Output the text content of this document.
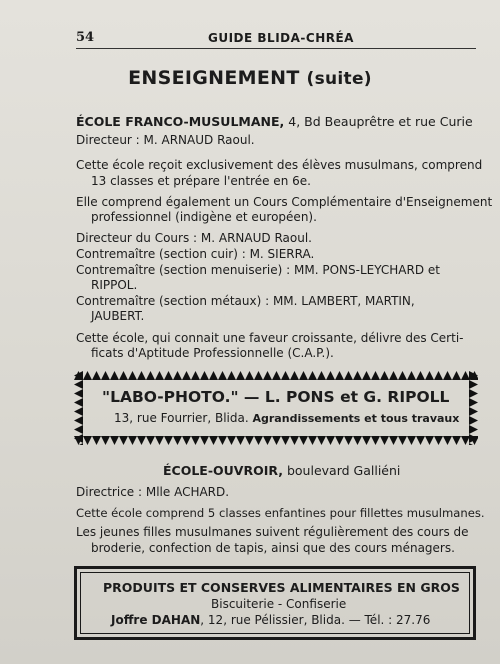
54	GUIDE BLIDA-CHRÉA
ENSEIGNEMENT (suite)
ÉCOLE FRANCO-MUSULMANE, 4, Bd Beauprêtre et rue Curie
Directeur : M. ARNAUD Raoul.
Cette école reçoit exclusivement des élèves musulmans, comprend
13 classes et prépare l'entrée en 6e.
Elle comprend également un Cours Complémentaire d'Enseignement
professionnel (indigène et européen).
Directeur du Cours : M. ARNAUD Raoul.
Contremaître (section cuir) : M. SIERRA.
Contremaître (section menuiserie) : MM. PONS-LEYCHARD et
RIPPOL.
Contremaître (section métaux) : MM. LAMBERT, MARTIN,
JAUBERT.
Cette école, qui connait une faveur croissante, délivre des Certi-
ficats d'Aptitude Professionnelle (C.A.P.).
"LABO-PHOTO." — L. PONS et G. RIPOLL
13, rue Fourrier, Blida. Agrandissements et tous travaux
ÉCOLE-OUVROIR, boulevard Galliéni
Directrice : Mlle ACHARD.
Cette école comprend 5 classes enfantines pour fillettes musulmanes.
Les jeunes filles musulmanes suivent régulièrement des cours de
broderie, confection de tapis, ainsi que des cours ménagers.
PRODUITS ET CONSERVES ALIMENTAIRES EN GROS
Biscuiterie - Confiserie
Joffre DAHAN, 12, rue Pélissier, Blida. — Tél. : 27.76
